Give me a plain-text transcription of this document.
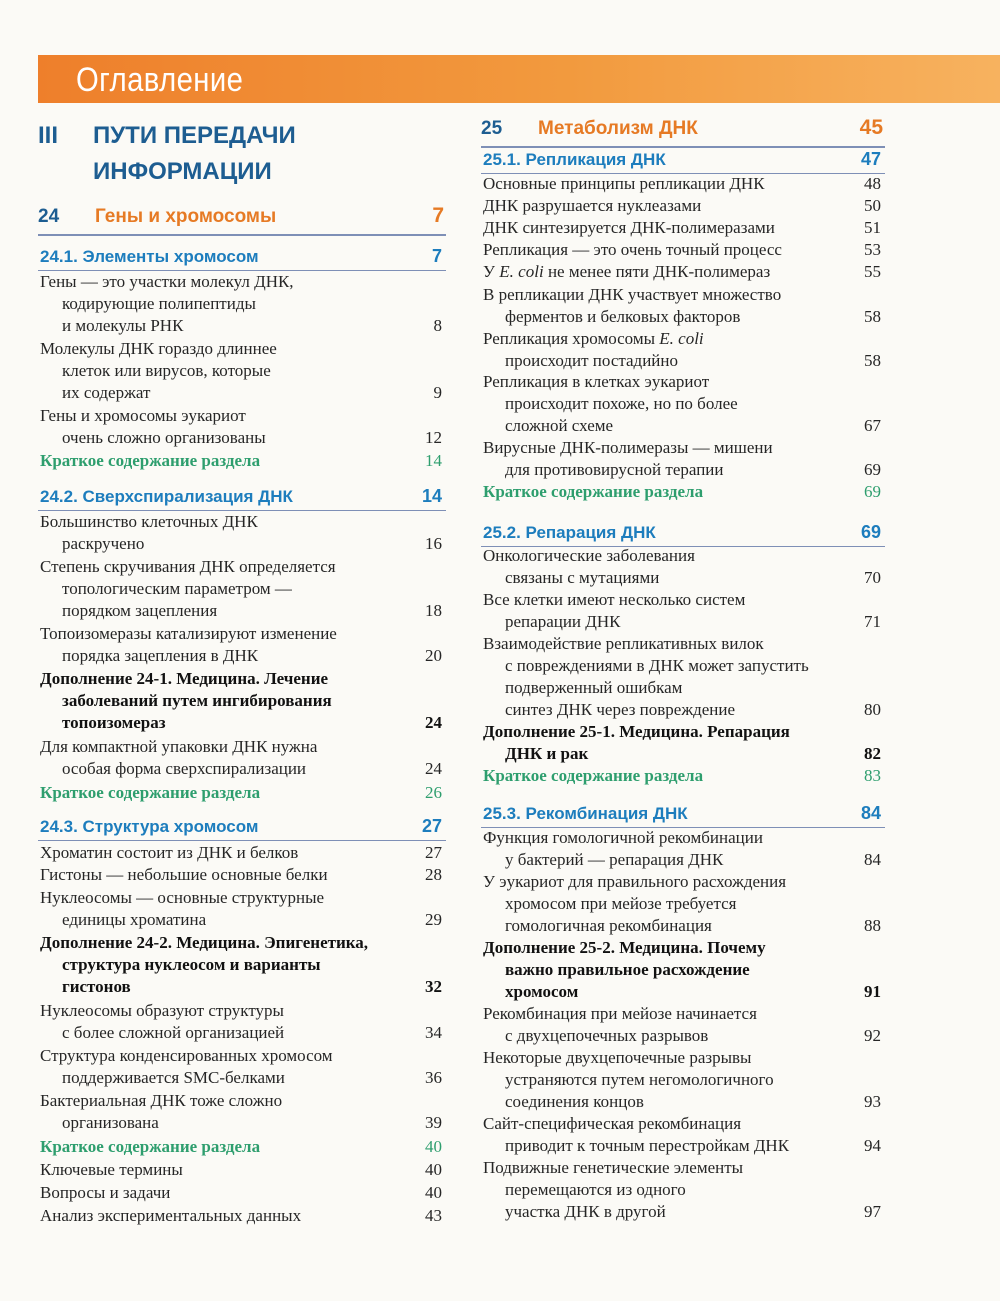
Оглавление
III ПУТИ ПЕРЕДАЧИ
ИНФОРМАЦИИ
24 Гены и хромосомы	7
24.1. Элементы хромосом	7
Гены — это участки молекул ДНК,
кодирующие полипептиды
и молекулы РНК	8
Молекулы ДНК гораздо длиннее
клеток или вирусов, которые
их содержат	9
Гены и хромосомы эукариот
очень сложно организованы	12
Краткое содержание раздела	14
24.2. Сверхспирализация ДНК	14
Большинство клеточных ДНК
раскручено	16
Степень скручивания ДНК определяется
топологическим параметром —
порядком зацепления	18
Топоизомеразы катализируют изменение
порядка зацепления в ДНК	20
Дополнение 24-1. Медицина. Лечение
заболеваний путем ингибирования
топоизомераз	24
Для компактной упаковки ДНК нужна
особая форма сверхспирализации	24
Краткое содержание раздела	26
24.3. Структура хромосом	27
Хроматин состоит из ДНК и белков	27
Гистоны — небольшие основные белки	28
Нуклеосомы — основные структурные
единицы хроматина	29
Дополнение 24-2. Медицина. Эпигенетика,
структура нуклеосом и варианты
гистонов	32
Нуклеосомы образуют структуры
с более сложной организацией	34
Структура конденсированных хромосом
поддерживается SMC-белками	36
Бактериальная ДНК тоже сложно
организована	39
Краткое содержание раздела	40
Ключевые термины	40
Вопросы и задачи	40
Анализ экспериментальных данных	43
25 Метаболизм ДНК	45
25.1. Репликация ДНК	47
Основные принципы репликации ДНК	48
ДНК разрушается нуклеазами	50
ДНК синтезируется ДНК-полимеразами	51
Репликация — это очень точный процесс	53
У E. coli не менее пяти ДНК-полимераз	55
В репликации ДНК участвует множество
ферментов и белковых факторов	58
Репликация хромосомы E. coli
происходит постадийно	58
Репликация в клетках эукариот
происходит похоже, но по более
сложной схеме	67
Вирусные ДНК-полимеразы — мишени
для противовирусной терапии	69
Краткое содержание раздела	69
25.2. Репарация ДНК	69
Онкологические заболевания
связаны с мутациями	70
Все клетки имеют несколько систем
репарации ДНК	71
Взаимодействие репликативных вилок
с повреждениями в ДНК может запустить
подверженный ошибкам
синтез ДНК через повреждение	80
Дополнение 25-1. Медицина. Репарация
ДНК и рак	82
Краткое содержание раздела	83
25.3. Рекомбинация ДНК	84
Функция гомологичной рекомбинации
у бактерий — репарация ДНК	84
У эукариот для правильного расхождения
хромосом при мейозе требуется
гомологичная рекомбинация	88
Дополнение 25-2. Медицина. Почему
важно правильное расхождение
хромосом	91
Рекомбинация при мейозе начинается
с двухцепочечных разрывов	92
Некоторые двухцепочечные разрывы
устраняются путем негомологичного
соединения концов	93
Сайт-специфическая рекомбинация
приводит к точным перестройкам ДНК	94
Подвижные генетические элементы
перемещаются из одного
участка ДНК в другой	97
